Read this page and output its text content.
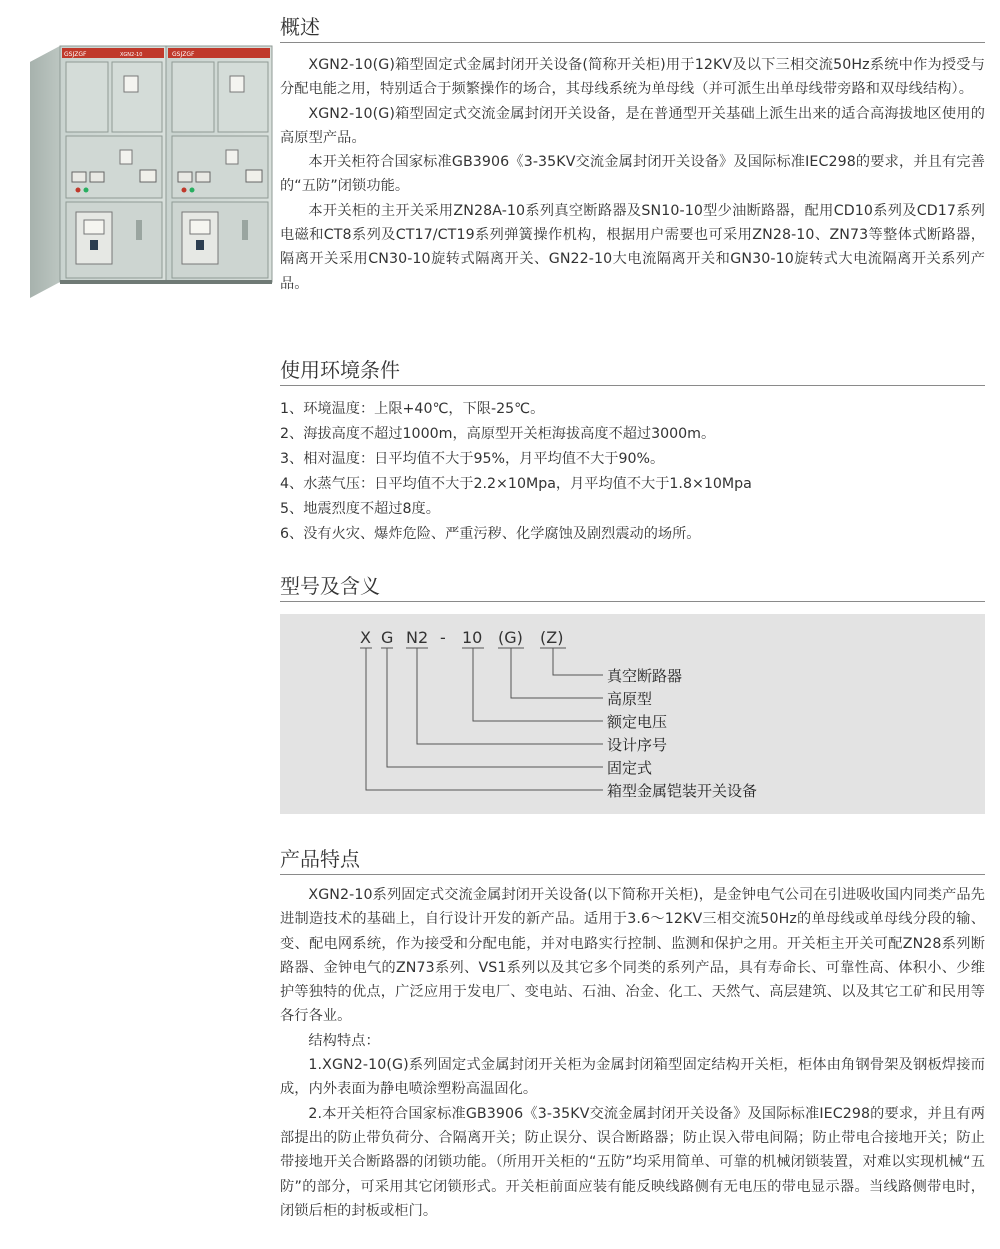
GSJZGF	XGN2-10	GSJZGF
概述

XGN2-10(G)箱型固定式金属封闭开关设备(简称开关柜)用于12KV及以下三相交流50Hz系统中作为授受与分配电能之用，特别适合于频繁操作的场合，其母线系统为单母线（并可派生出单母线带旁路和双母线结构）。

XGN2-10(G)箱型固定式交流金属封闭开关设备，是在普通型开关基础上派生出来的适合高海拔地区使用的高原型产品。

本开关柜符合国家标准GB3906《3-35KV交流金属封闭开关设备》及国际标准IEC298的要求，并且有完善的“五防”闭锁功能。

本开关柜的主开关采用ZN28A-10系列真空断路器及SN10-10型少油断路器，配用CD10系列及CD17系列电磁和CT8系列及CT17/CT19系列弹簧操作机构，根据用户需要也可采用ZN28-10、ZN73等整体式断路器，隔离开关采用CN30-10旋转式隔离开关、GN22-10大电流隔离开关和GN30-10旋转式大电流隔离开关系列产品。

使用环境条件

1、环境温度：上限+40℃，下限-25℃。

2、海拔高度不超过1000m，高原型开关柜海拔高度不超过3000m。

3、相对温度：日平均值不大于95%，月平均值不大于90%。

4、水蒸气压：日平均值不大于2.2×10Mpa，月平均值不大于1.8×10Mpa

5、地震烈度不超过8度。

6、没有火灾、爆炸危险、严重污秽、化学腐蚀及剧烈震动的场所。

型号及含义
X G N2 - 10 (G) (Z)
真空断路器
高原型
额定电压
设计序号
固定式
箱型金属铠装开关设备
产品特点

XGN2-10系列固定式交流金属封闭开关设备(以下简称开关柜)，是金钟电气公司在引进吸收国内同类产品先进制造技术的基础上，自行设计开发的新产品。适用于3.6～12KV三相交流50Hz的单母线或单母线分段的输、变、配电网系统，作为接受和分配电能，并对电路实行控制、监测和保护之用。开关柜主开关可配ZN28系列断路器、金钟电气的ZN73系列、VS1系列以及其它多个同类的系列产品，具有寿命长、可靠性高、体积小、少维护等独特的优点，广泛应用于发电厂、变电站、石油、冶金、化工、天然气、高层建筑、以及其它工矿和民用等各行各业。

结构特点：

1.XGN2-10(G)系列固定式金属封闭开关柜为金属封闭箱型固定结构开关柜，柜体由角钢骨架及钢板焊接而成，内外表面为静电喷涂塑粉高温固化。

2.本开关柜符合国家标准GB3906《3-35KV交流金属封闭开关设备》及国际标准IEC298的要求，并且有两部提出的防止带负荷分、合隔离开关；防止误分、误合断路器；防止误入带电间隔；防止带电合接地开关；防止带接地开关合断路器的闭锁功能。（所用开关柜的“五防”均采用简单、可靠的机械闭锁装置，对难以实现机械“五防”的部分，可采用其它闭锁形式。开关柜前面应装有能反映线路侧有无电压的带电显示器。当线路侧带电时，闭锁后柜的封板或柜门。
